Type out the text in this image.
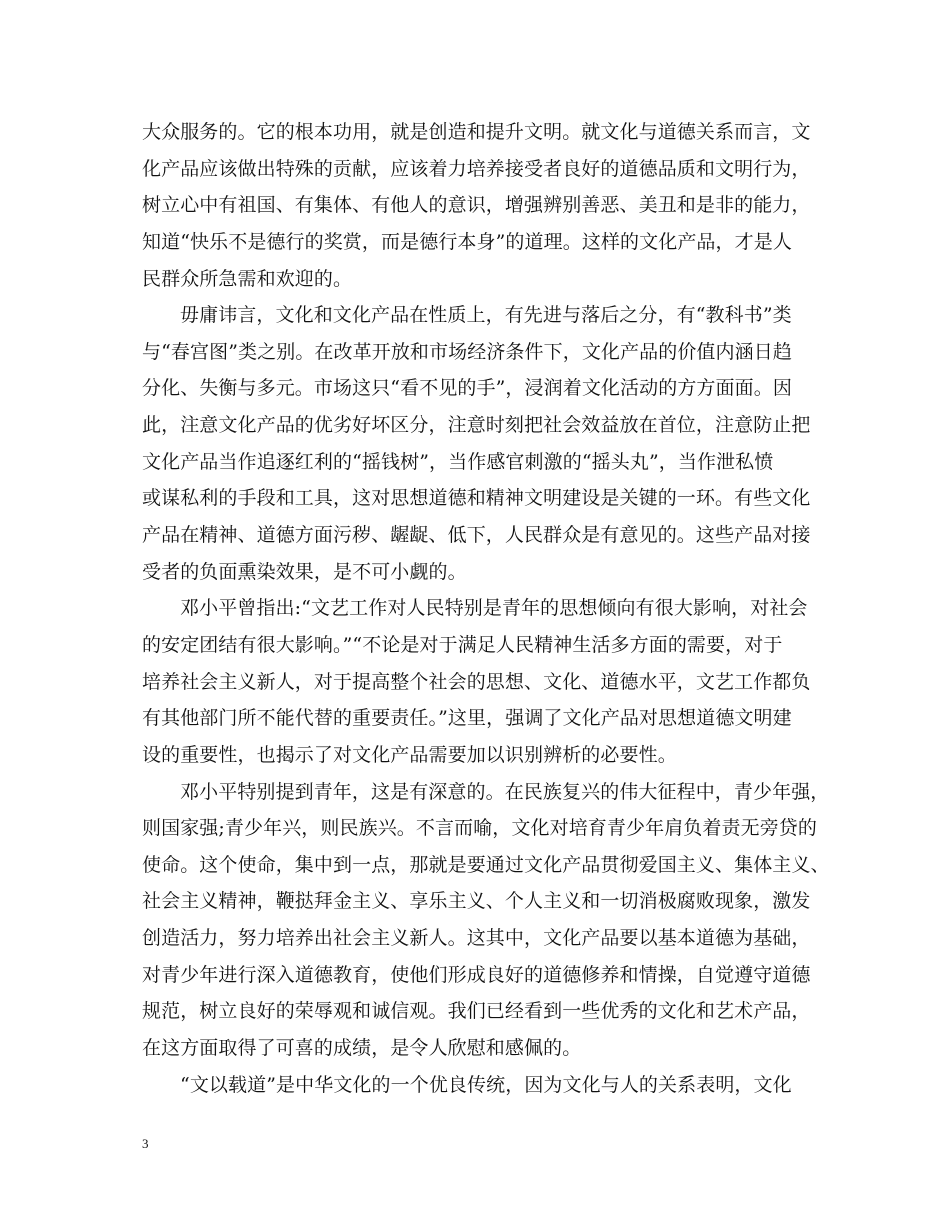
大众服务的。它的根本功用，就是创造和提升文明。就文化与道德关系而言，文
化产品应该做出特殊的贡献，应该着力培养接受者良好的道德品质和文明行为，
树立心中有祖国、有集体、有他人的意识，增强辨别善恶、美丑和是非的能力，
知道“快乐不是德行的奖赏，而是德行本身”的道理。这样的文化产品，才是人
民群众所急需和欢迎的。
毋庸讳言，文化和文化产品在性质上，有先进与落后之分，有“教科书”类
与“春宫图”类之别。在改革开放和市场经济条件下，文化产品的价值内涵日趋
分化、失衡与多元。市场这只“看不见的手”，浸润着文化活动的方方面面。因
此，注意文化产品的优劣好坏区分，注意时刻把社会效益放在首位，注意防止把
文化产品当作追逐红利的“摇钱树”，当作感官刺激的“摇头丸”，当作泄私愤
或谋私利的手段和工具，这对思想道德和精神文明建设是关键的一环。有些文化
产品在精神、道德方面污秽、龌龊、低下，人民群众是有意见的。这些产品对接
受者的负面熏染效果，是不可小觑的。
邓小平曾指出:“文艺工作对人民特别是青年的思想倾向有很大影响，对社会
的安定团结有很大影响。”“不论是对于满足人民精神生活多方面的需要，对于
培养社会主义新人，对于提高整个社会的思想、文化、道德水平，文艺工作都负
有其他部门所不能代替的重要责任。”这里，强调了文化产品对思想道德文明建
设的重要性，也揭示了对文化产品需要加以识别辨析的必要性。
邓小平特别提到青年，这是有深意的。在民族复兴的伟大征程中，青少年强，
则国家强;青少年兴，则民族兴。不言而喻，文化对培育青少年肩负着责无旁贷的
使命。这个使命，集中到一点，那就是要通过文化产品贯彻爱国主义、集体主义、
社会主义精神，鞭挞拜金主义、享乐主义、个人主义和一切消极腐败现象，激发
创造活力，努力培养出社会主义新人。这其中，文化产品要以基本道德为基础，
对青少年进行深入道德教育，使他们形成良好的道德修养和情操，自觉遵守道德
规范，树立良好的荣辱观和诚信观。我们已经看到一些优秀的文化和艺术产品，
在这方面取得了可喜的成绩，是令人欣慰和感佩的。
“文以载道”是中华文化的一个优良传统，因为文化与人的关系表明，文化
3
